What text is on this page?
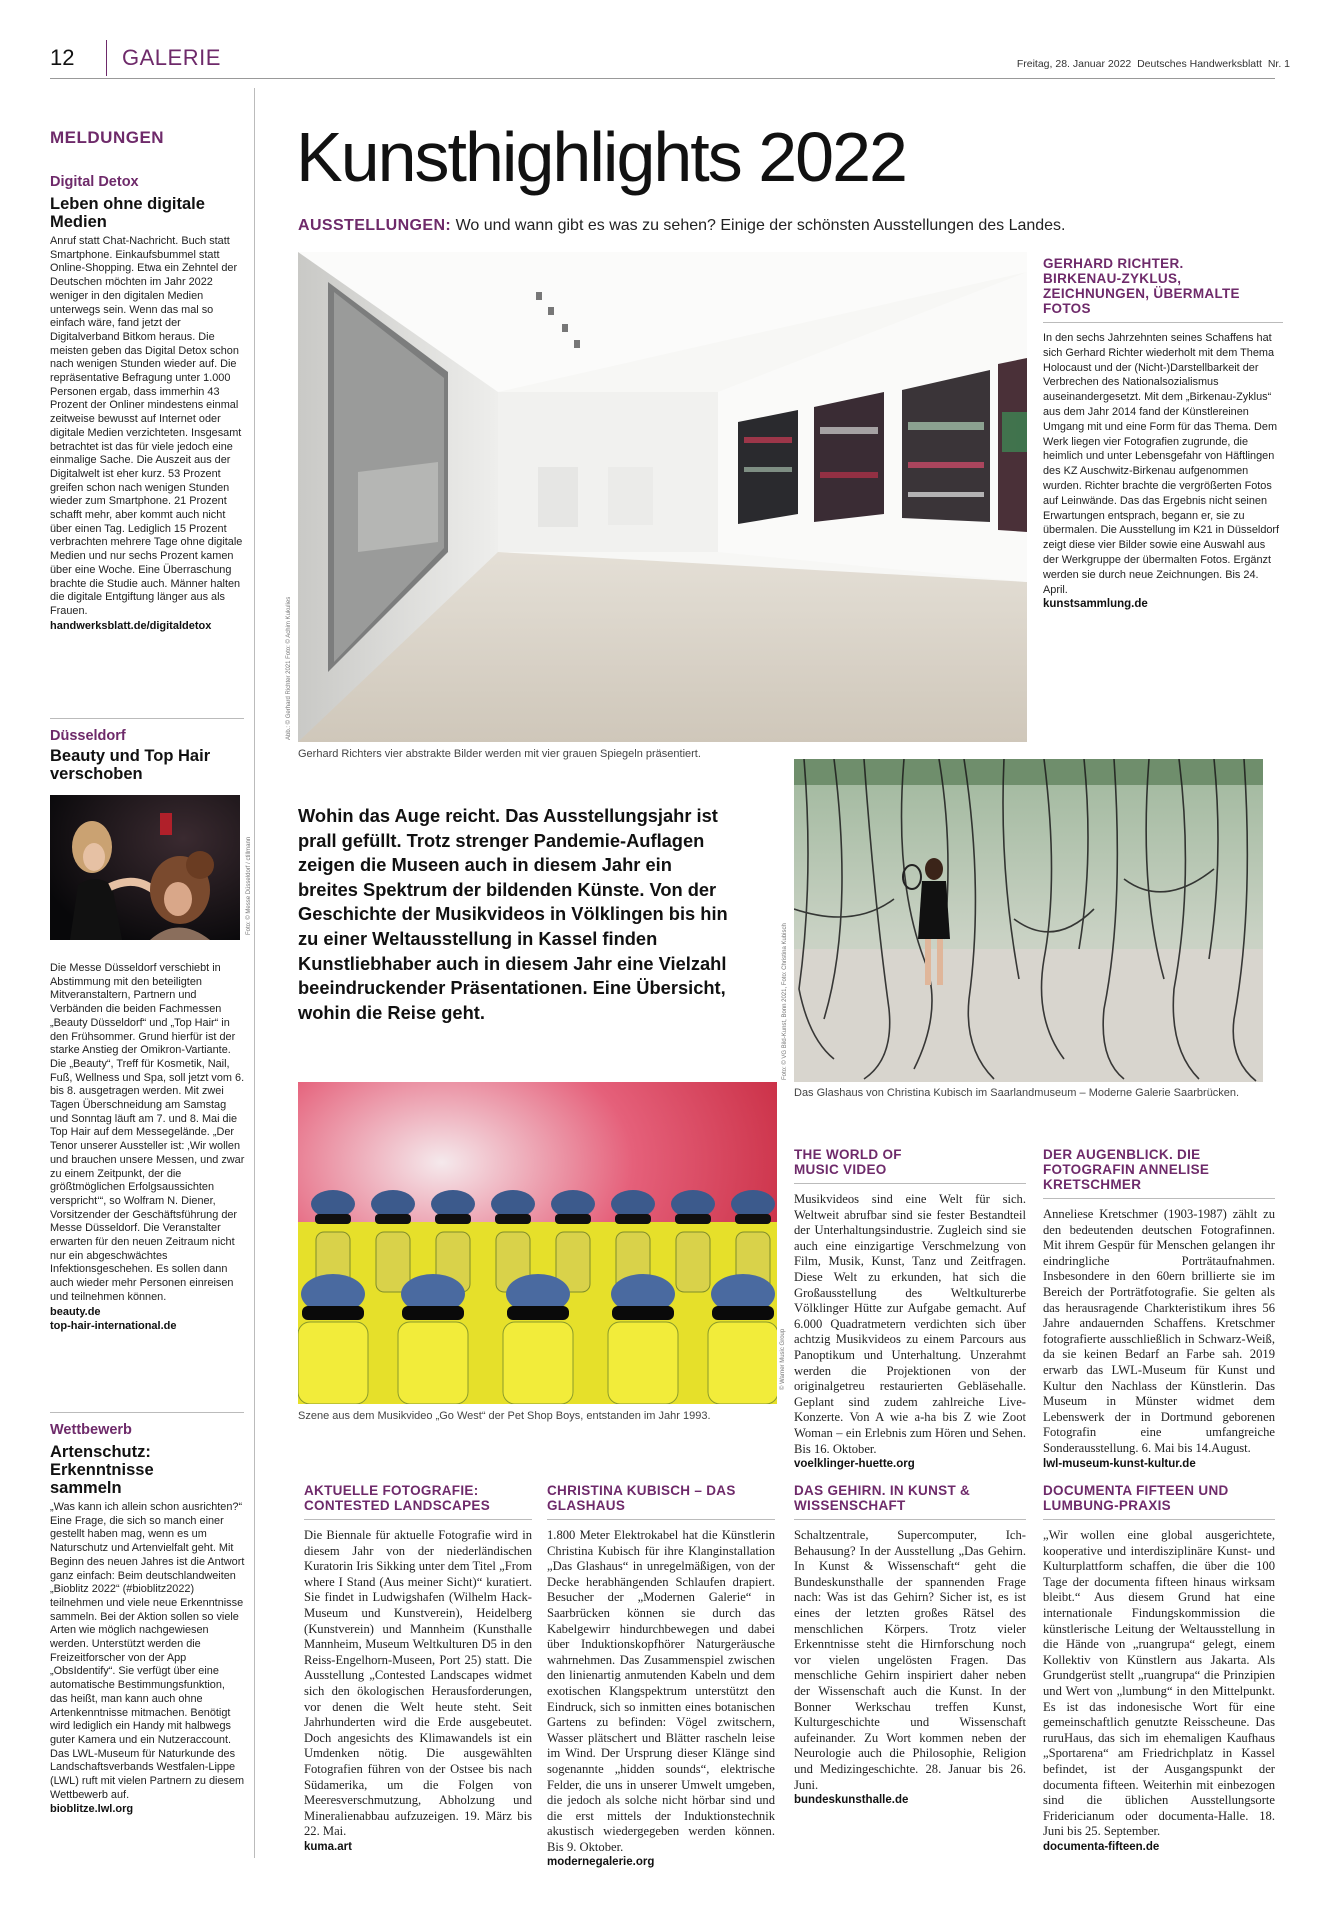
12 GALERIE	Freitag, 28. Januar 2022  Deutsches Handwerksblatt  Nr. 1
MELDUNGEN
Digital Detox
Leben ohne digitale Medien
Anruf statt Chat-Nachricht. Buch statt Smartphone. Einkaufsbummel statt Online-Shopping. Etwa ein Zehntel der Deutschen möchten im Jahr 2022 weniger in den digitalen Medien unterwegs sein. Wenn das mal so einfach wäre, fand jetzt der Digitalverband Bitkom heraus. Die meisten geben das Digital Detox schon nach wenigen Stunden wieder auf. Die repräsentative Befragung unter 1.000 Personen ergab, dass immerhin 43 Prozent der Onliner mindestens einmal zeitweise bewusst auf Internet oder digitale Medien verzichteten. Insgesamt betrachtet ist das für viele jedoch eine einmalige Sache. Die Auszeit aus der Digitalwelt ist eher kurz. 53 Prozent greifen schon nach wenigen Stunden wieder zum Smartphone. 21 Prozent schafft mehr, aber kommt auch nicht über einen Tag. Lediglich 15 Prozent verbrachten mehrere Tage ohne digitale Medien und nur sechs Prozent kamen über eine Woche. Eine Überraschung brachte die Studie auch. Männer halten die digitale Entgiftung länger aus als Frauen.
handwerksblatt.de/digitaldetox
Düsseldorf
Beauty und Top Hair verschoben
Foto: © Messe Düsseldorf / ctillmann
Die Messe Düsseldorf verschiebt in Abstimmung mit den beteiligten Mitveranstaltern, Partnern und Verbänden die beiden Fachmessen „Beauty Düsseldorf“ und „Top Hair“ in den Frühsommer. Grund hierfür ist der starke Anstieg der Omikron-Vartiante. Die „Beauty“, Treff für Kosmetik, Nail, Fuß, Wellness und Spa, soll jetzt vom 6. bis 8. ausgetragen werden. Mit zwei Tagen Überschneidung am Samstag und Sonntag läuft am 7. und 8. Mai die Top Hair auf dem Messegelände. „Der Tenor unserer Aussteller ist: ‚Wir wollen und brauchen unsere Messen, und zwar zu einem Zeitpunkt, der die größtmöglichen Erfolgsaussichten verspricht‘“, so Wolfram N. Diener, Vorsitzender der Geschäftsführung der Messe Düsseldorf. Die Veranstalter erwarten für den neuen Zeitraum nicht nur ein abgeschwächtes Infektionsgeschehen. Es sollen dann auch wieder mehr Personen einreisen und teilnehmen können.
beauty.de
top-hair-international.de
Wettbewerb
Artenschutz: Erkenntnisse sammeln
„Was kann ich allein schon ausrichten?“ Eine Frage, die sich so manch einer gestellt haben mag, wenn es um Naturschutz und Artenvielfalt geht. Mit Beginn des neuen Jahres ist die Antwort ganz einfach: Beim deutschlandweiten „Bioblitz 2022“ (#bioblitz2022) teilnehmen und viele neue Erkenntnisse sammeln. Bei der Aktion sollen so viele Arten wie möglich nachgewiesen werden. Unterstützt werden die Freizeitforscher von der App „ObsIdentify“. Sie verfügt über eine automatische Bestimmungsfunktion, das heißt, man kann auch ohne Artenkenntnisse mitmachen. Benötigt wird lediglich ein Handy mit halbwegs guter Kamera und ein Nutzeraccount. Das LWL-Museum für Naturkunde des Landschaftsverbands Westfalen-Lippe (LWL) ruft mit vielen Partnern zu diesem Wettbewerb auf.
bioblitze.lwl.org
Kunsthighlights 2022
AUSSTELLUNGEN: Wo und wann gibt es was zu sehen? Einige der schönsten Ausstellungen des Landes.
Abb.: © Gerhard Richter 2021 Foto: © Achim Kukulies
Gerhard Richters vier abstrakte Bilder werden mit vier grauen Spiegeln präsentiert.
GERHARD RICHTER. BIRKENAU-ZYKLUS, ZEICHNUNGEN, ÜBERMALTE FOTOS
In den sechs Jahrzehnten seines Schaffens hat sich Gerhard Richter wiederholt mit dem Thema Holocaust und der (Nicht-)Darstellbarkeit der Verbrechen des Nationalsozialismus auseinandergesetzt. Mit dem „Birkenau-Zyklus“ aus dem Jahr 2014 fand der Künstlereinen Umgang mit und eine Form für das Thema. Dem Werk liegen vier Fotografien zugrunde, die heimlich und unter Lebensgefahr von Häftlingen des KZ Auschwitz-Birkenau aufgenommen wurden. Richter brachte die vergrößerten Fotos auf Leinwände. Das das Ergebnis nicht seinen Erwartungen entsprach, begann er, sie zu übermalen. Die Ausstellung im K21 in Düsseldorf zeigt diese vier Bilder sowie eine Auswahl aus der Werkgruppe der übermalten Fotos. Ergänzt werden sie durch neue Zeichnungen. Bis 24. April.
kunstsammlung.de
Wohin das Auge reicht. Das Ausstellungsjahr ist prall gefüllt. Trotz strenger Pandemie-Auflagen zeigen die Museen auch in diesem Jahr ein breites Spektrum der bildenden Künste. Von der Geschichte der Musikvideos in Völklingen bis hin zu einer Weltausstellung in Kassel finden Kunstliebhaber auch in diesem Jahr eine Vielzahl beeindruckender Präsentationen. Eine Übersicht, wohin die Reise geht.	Foto: © VG Bild-Kunst, Bonn 2021, Foto: Christina Kubisch
Das Glashaus von Christina Kubisch im Saarlandmuseum – Moderne Galerie Saarbrücken.
© Warner Music Group
Szene aus dem Musikvideo „Go West“ der Pet Shop Boys, entstanden im Jahr 1993.
THE WORLD OF MUSIC VIDEO
Musikvideos sind eine Welt für sich. Weltweit abrufbar sind sie fester Bestandteil der Unterhaltungsindustrie. Zugleich sind sie auch eine einzigartige Verschmelzung von Film, Musik, Kunst, Tanz und Zeitfragen. Diese Welt zu erkunden, hat sich die Großausstellung des Weltkulturerbe Völklinger Hütte zur Aufgabe gemacht. Auf 6.000 Quadratmetern verdichten sich über achtzig Musikvideos zu einem Parcours aus Panoptikum und Unterhaltung. Unzerahmt werden die Projektionen von der originalgetreu restaurierten Gebläsehalle. Geplant sind zudem zahlreiche Live-Konzerte. Von A wie a-ha bis Z wie Zoot Woman – ein Erlebnis zum Hören und Sehen. Bis 16. Oktober.
voelklinger-huette.org
DER AUGENBLICK. DIE FOTOGRAFIN ANNELISE KRETSCHMER
Anneliese Kretschmer (1903-1987) zählt zu den bedeutenden deutschen Fotografinnen. Mit ihrem Gespür für Menschen gelangen ihr eindringliche Porträtaufnahmen. Insbesondere in den 60ern brillierte sie im Bereich der Porträtfotografie. Sie gelten als das herausragende Charkteristikum ihres 56 Jahre andauernden Schaffens. Kretschmer fotografierte ausschließlich in Schwarz-Weiß, da sie keinen Bedarf an Farbe sah. 2019 erwarb das LWL-Museum für Kunst und Kultur den Nachlass der Künstlerin. Das Museum in Münster widmet dem Lebenswerk der in Dortmund geborenen Fotografin eine umfangreiche Sonderausstellung. 6. Mai bis 14.August.
lwl-museum-kunst-kultur.de
AKTUELLE FOTOGRAFIE: CONTESTED LANDSCAPES
Die Biennale für aktuelle Fotografie wird in diesem Jahr von der niederländischen Kuratorin Iris Sikking unter dem Titel „From where I Stand (Aus meiner Sicht)“ kuratiert. Sie findet in Ludwigshafen (Wilhelm Hack-Museum und Kunstverein), Heidelberg (Kunstverein) und Mannheim (Kunsthalle Mannheim, Museum Weltkulturen D5 in den Reiss-Engelhorn-Museen, Port 25) statt. Die Ausstellung „Contested Landscapes widmet sich den ökologischen Herausforderungen, vor denen die Welt heute steht. Seit Jahrhunderten wird die Erde ausgebeutet. Doch angesichts des Klimawandels ist ein Umdenken nötig. Die ausgewählten Fotografien führen von der Ostsee bis nach Südamerika, um die Folgen von Meeresverschmutzung, Abholzung und Mineralienabbau aufzuzeigen. 19. März bis 22. Mai.
kuma.art
CHRISTINA KUBISCH – DAS GLASHAUS
1.800 Meter Elektrokabel hat die Künstlerin Christina Kubisch für ihre Klanginstallation „Das Glashaus“ in unregelmäßigen, von der Decke herabhängenden Schlaufen drapiert. Besucher der „Modernen Galerie“ in Saarbrücken können sie durch das Kabelgewirr hindurchbewegen und dabei über Induktionskopfhörer Naturgeräusche wahrnehmen. Das Zusammenspiel zwischen den linienartig anmutenden Kabeln und dem exotischen Klangspektrum unterstützt den Eindruck, sich so inmitten eines botanischen Gartens zu befinden: Vögel zwitschern, Wasser plätschert und Blätter rascheln leise im Wind. Der Ursprung dieser Klänge sind sogenannte „hidden sounds“, elektrische Felder, die uns in unserer Umwelt umgeben, die jedoch als solche nicht hörbar sind und die erst mittels der Induktionstechnik akustisch wiedergegeben werden können. Bis 9. Oktober.
modernegalerie.org
DAS GEHIRN. IN KUNST & WISSENSCHAFT
Schaltzentrale, Supercomputer, Ich-Behausung? In der Ausstellung „Das Gehirn. In Kunst & Wissenschaft“ geht die Bundeskunsthalle der spannenden Frage nach: Was ist das Gehirn? Sicher ist, es ist eines der letzten großes Rätsel des menschlichen Körpers. Trotz vieler Erkenntnisse steht die Hirnforschung noch vor vielen ungelösten Fragen. Das menschliche Gehirn inspiriert daher neben der Wissenschaft auch die Kunst. In der Bonner Werkschau treffen Kunst, Kulturgeschichte und Wissenschaft aufeinander. Zu Wort kommen neben der Neurologie auch die Philosophie, Religion und Medizingeschichte. 28. Januar bis 26. Juni.
bundeskunsthalle.de
DOCUMENTA FIFTEEN UND LUMBUNG-PRAXIS
„Wir wollen eine global ausgerichtete, kooperative und interdisziplinäre Kunst- und Kulturplattform schaffen, die über die 100 Tage der documenta fifteen hinaus wirksam bleibt.“ Aus diesem Grund hat eine internationale Findungskommission die künstlerische Leitung der Weltausstellung in die Hände von „ruangrupa“ gelegt, einem Kollektiv von Künstlern aus Jakarta. Als Grundgerüst stellt „ruangrupa“ die Prinzipien und Wert von „lumbung“ in den Mittelpunkt. Es ist das indonesische Wort für eine gemeinschaftlich genutzte Reisscheune. Das ruruHaus, das sich im ehemaligen Kaufhaus „Sportarena“ am Friedrichplatz in Kassel befindet, ist der Ausgangspunkt der documenta fifteen. Weiterhin mit einbezogen sind die üblichen Ausstellungsorte Fridericianum oder documenta-Halle. 18. Juni bis 25. September.
documenta-fifteen.de
